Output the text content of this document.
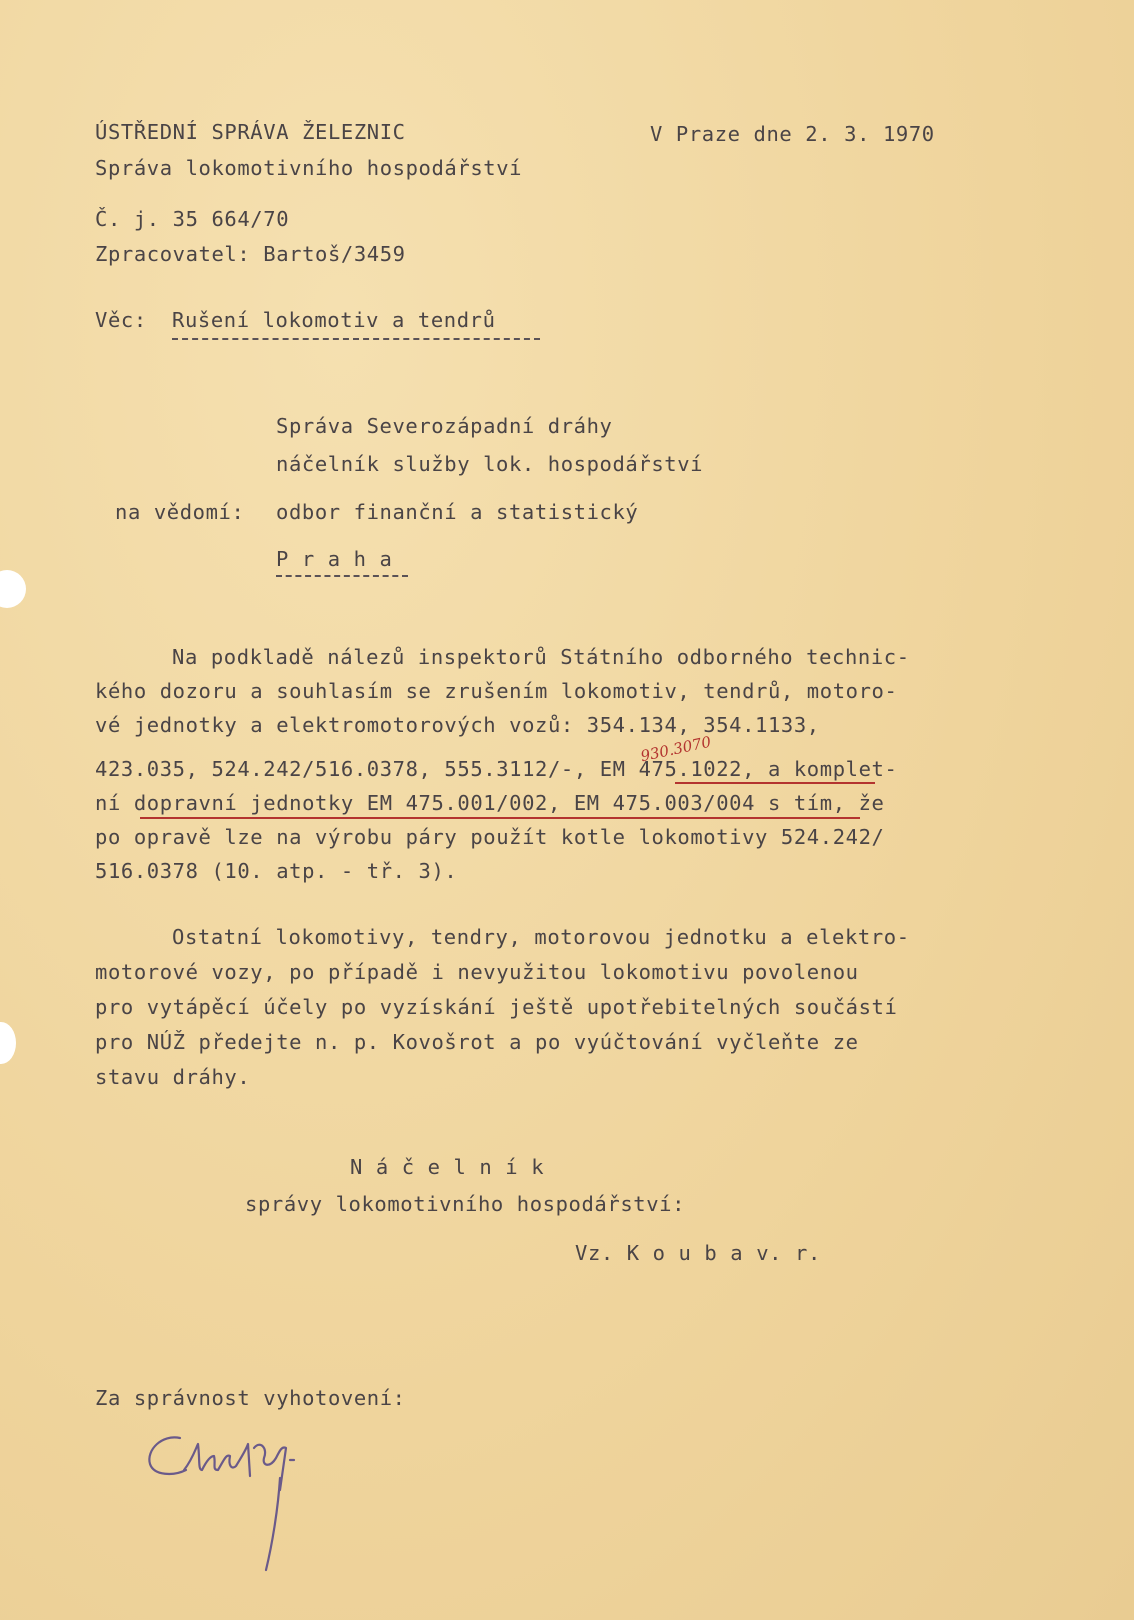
ÚSTŘEDNÍ SPRÁVA ŽELEZNIC	V Praze dne 2. 3. 1970
Správa lokomotivního hospodářství
Č. j. 35 664/70
Zpracovatel: Bartoš/3459
Věc: Rušení lokomotiv a tendrů
Správa Severozápadní dráhy
náčelník služby lok. hospodářství
na vědomí: odbor finanční a statistický
P r a h a
Na podkladě nálezů inspektorů Státního odborného technic-
kého dozoru a souhlasím se zrušením lokomotiv, tendrů, motoro-
vé jednotky a elektromotorových vozů: 354.134, 354.1133,
423.035, 524.242/516.0378, 555.3112/-, EM 475.1022, a komplet-
ní dopravní jednotky EM 475.001/002, EM 475.003/004 s tím, že
po opravě lze na výrobu páry použít kotle lokomotivy 524.242/
516.0378 (10. atp. - tř. 3).
930.3070
Ostatní lokomotivy, tendry, motorovou jednotku a elektro-
motorové vozy, po případě i nevyužitou lokomotivu povolenou
pro vytápěcí účely po vyzískání ještě upotřebitelných součástí
pro NÚŽ předejte n. p. Kovošrot a po vyúčtování vyčleňte ze
stavu dráhy.
N á č e l n í k
správy lokomotivního hospodářství:
Vz. K o u b a v. r.
Za správnost vyhotovení:
